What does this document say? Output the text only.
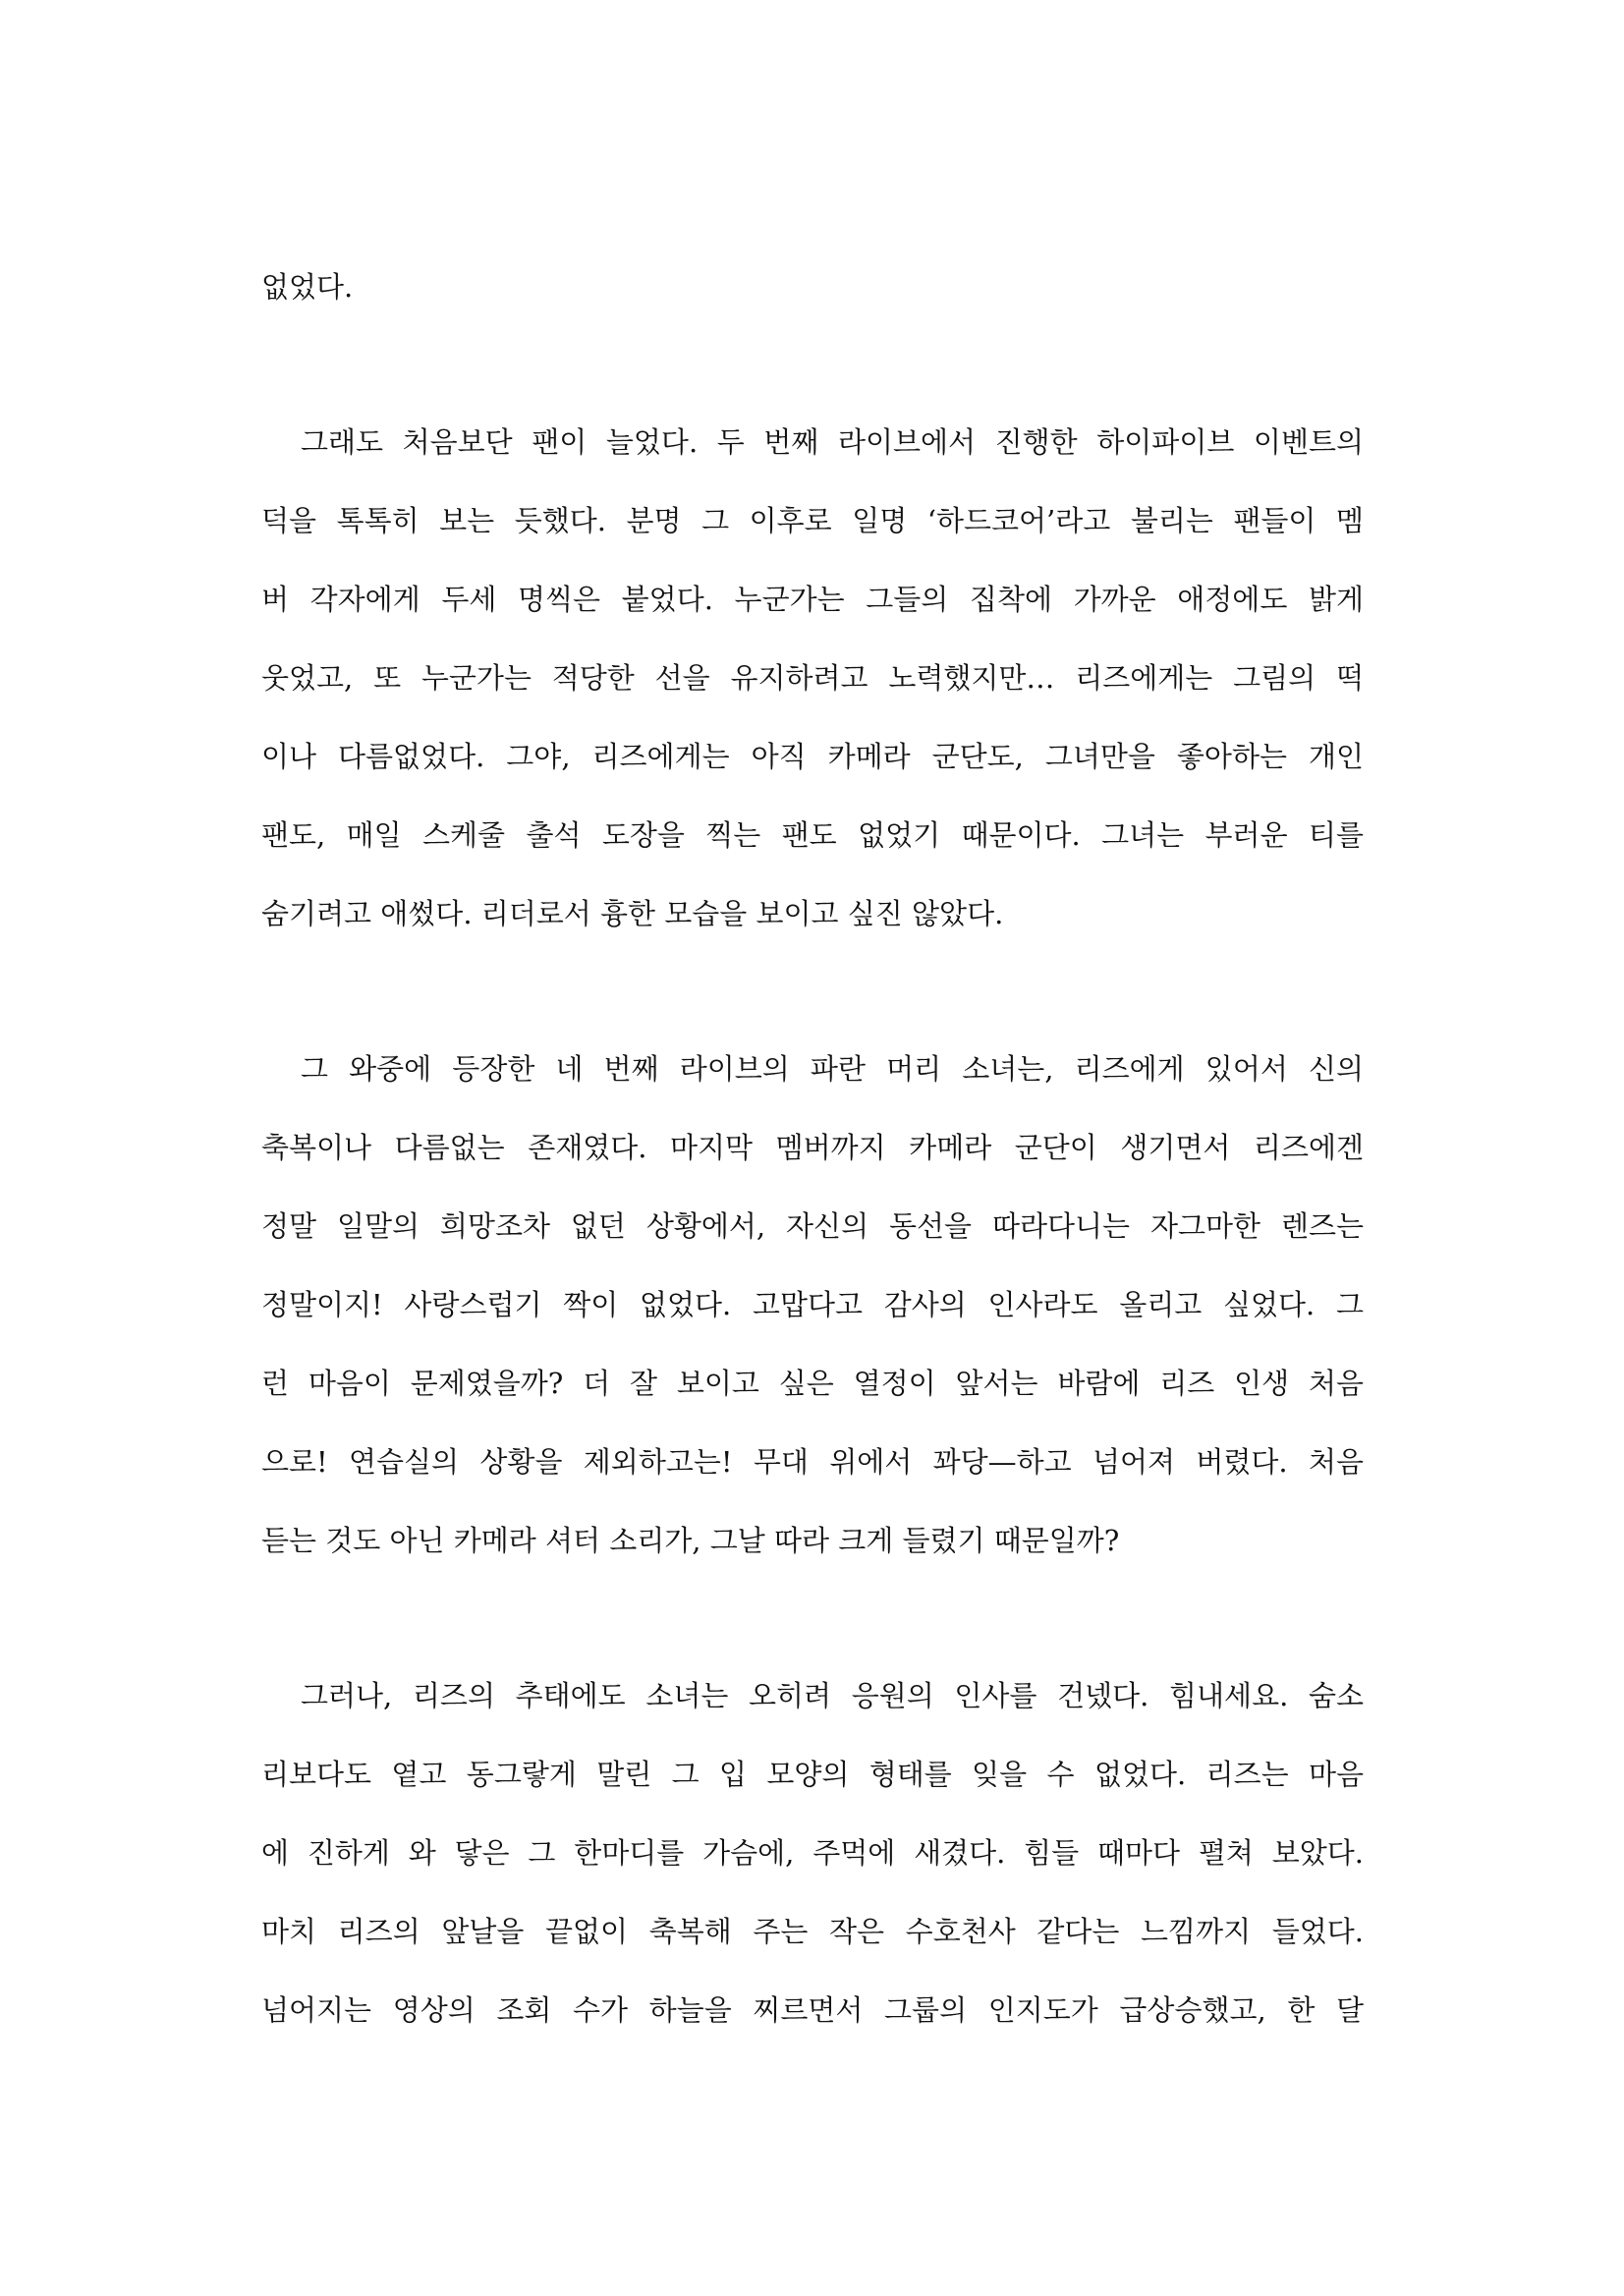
없었다.
그래도 처음보단 팬이 늘었다. 두 번째 라이브에서 진행한 하이파이브 이벤트의
덕을 톡톡히 보는 듯했다. 분명 그 이후로 일명 ‘하드코어’라고 불리는 팬들이 멤
버 각자에게 두세 명씩은 붙었다. 누군가는 그들의 집착에 가까운 애정에도 밝게
웃었고, 또 누군가는 적당한 선을 유지하려고 노력했지만… 리즈에게는 그림의 떡
이나 다름없었다. 그야, 리즈에게는 아직 카메라 군단도, 그녀만을 좋아하는 개인
팬도, 매일 스케줄 출석 도장을 찍는 팬도 없었기 때문이다. 그녀는 부러운 티를
숨기려고 애썼다. 리더로서 흉한 모습을 보이고 싶진 않았다.
그 와중에 등장한 네 번째 라이브의 파란 머리 소녀는, 리즈에게 있어서 신의
축복이나 다름없는 존재였다. 마지막 멤버까지 카메라 군단이 생기면서 리즈에겐
정말 일말의 희망조차 없던 상황에서, 자신의 동선을 따라다니는 자그마한 렌즈는
정말이지! 사랑스럽기 짝이 없었다. 고맙다고 감사의 인사라도 올리고 싶었다. 그
런 마음이 문제였을까? 더 잘 보이고 싶은 열정이 앞서는 바람에 리즈 인생 처음
으로! 연습실의 상황을 제외하고는! 무대 위에서 꽈당—하고 넘어져 버렸다. 처음
듣는 것도 아닌 카메라 셔터 소리가, 그날 따라 크게 들렸기 때문일까?
그러나, 리즈의 추태에도 소녀는 오히려 응원의 인사를 건넸다. 힘내세요. 숨소
리보다도 옅고 동그랗게 말린 그 입 모양의 형태를 잊을 수 없었다. 리즈는 마음
에 진하게 와 닿은 그 한마디를 가슴에, 주먹에 새겼다. 힘들 때마다 펼쳐 보았다.
마치 리즈의 앞날을 끝없이 축복해 주는 작은 수호천사 같다는 느낌까지 들었다.
넘어지는 영상의 조회 수가 하늘을 찌르면서 그룹의 인지도가 급상승했고, 한 달
